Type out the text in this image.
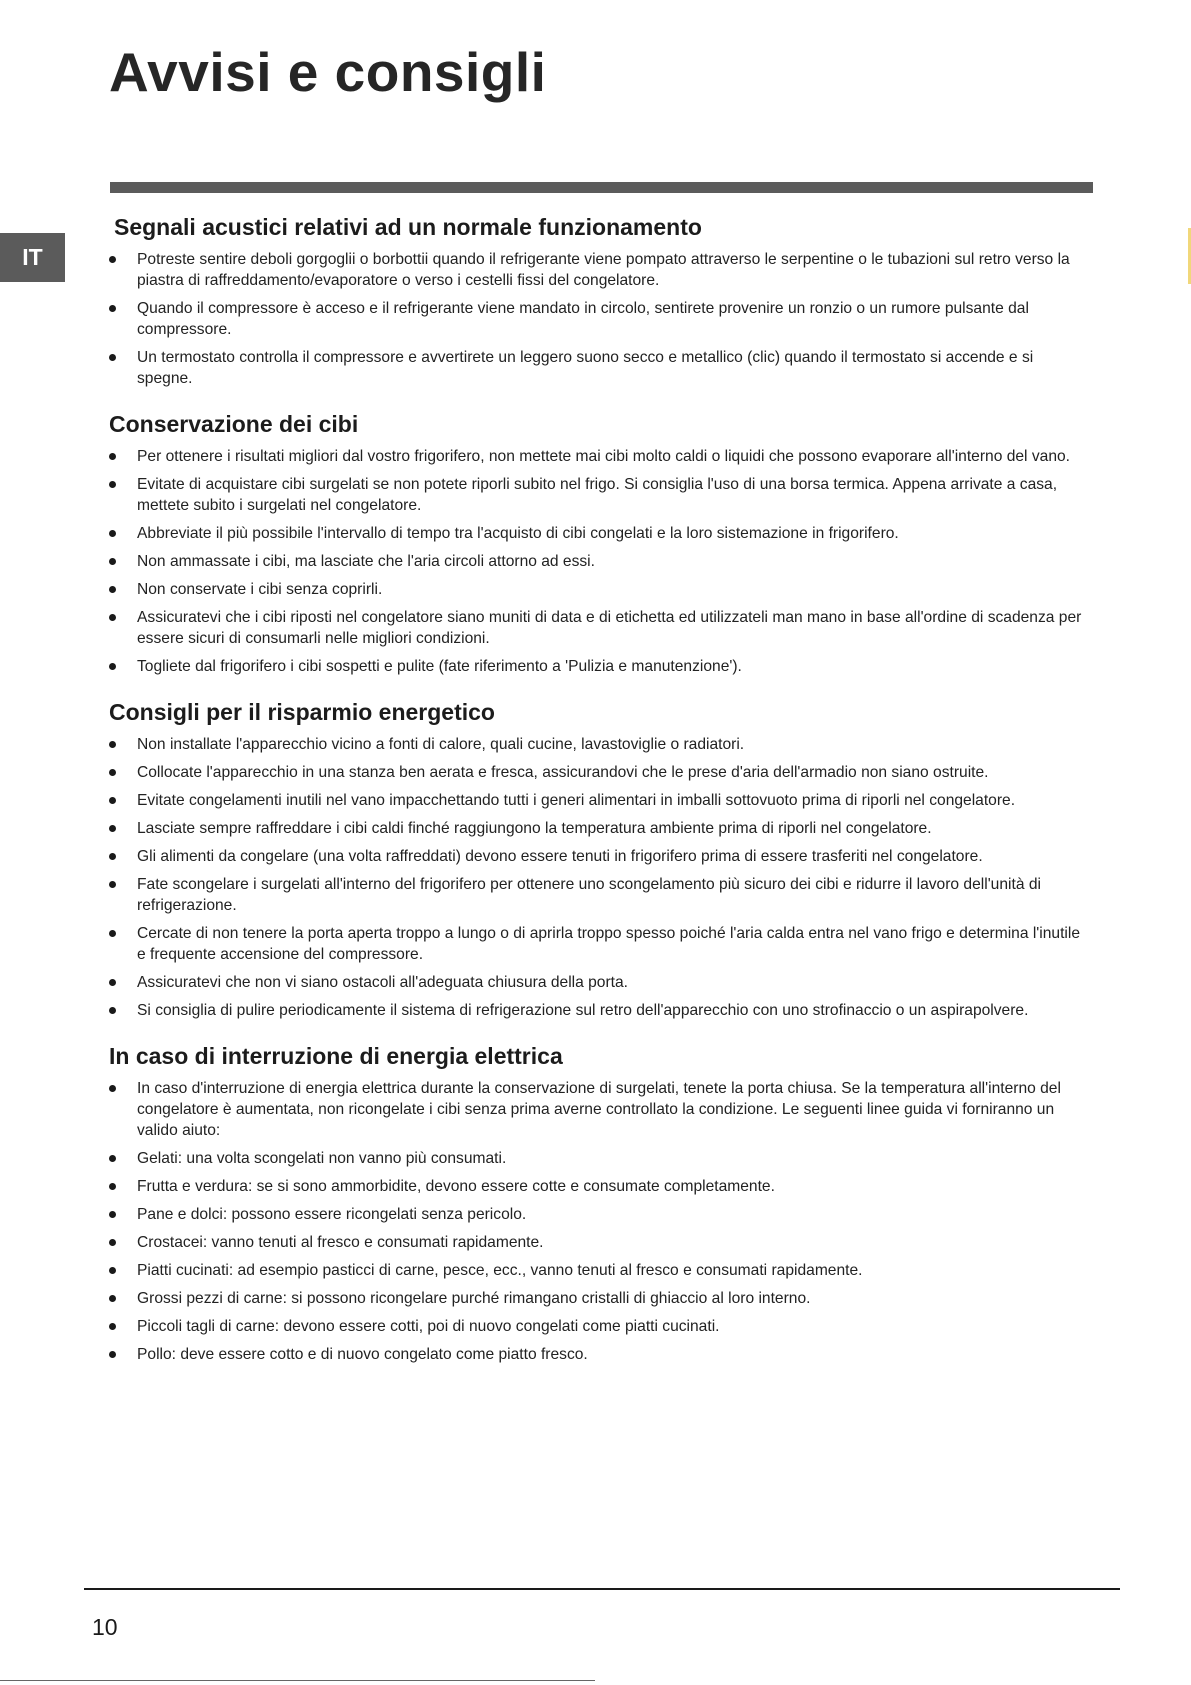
Avvisi e consigli
IT
Segnali acustici relativi ad un normale funzionamento
Potreste sentire deboli gorgoglii o borbottii quando il refrigerante viene pompato attraverso le serpentine o le tubazioni sul retro verso la piastra di raffreddamento/evaporatore o verso i cestelli fissi del congelatore.
Quando il compressore è acceso e il refrigerante viene mandato in circolo, sentirete provenire un ronzio o un rumore pulsante dal compressore.
Un termostato controlla il compressore e avvertirete un leggero suono secco e metallico (clic) quando il termostato si accende e si spegne.
Conservazione dei cibi
Per ottenere i risultati migliori dal vostro frigorifero, non mettete mai cibi molto caldi o liquidi che possono evaporare all'interno del vano.
Evitate di acquistare cibi surgelati se non potete riporli subito nel frigo. Si consiglia l'uso di una borsa termica. Appena arrivate a casa, mettete subito i surgelati nel congelatore.
Abbreviate il più possibile l'intervallo di tempo tra l'acquisto di cibi congelati e la loro sistemazione in frigorifero.
Non ammassate i cibi, ma lasciate che l'aria circoli attorno ad essi.
Non conservate i cibi senza coprirli.
Assicuratevi che i cibi riposti nel congelatore siano muniti di data e di etichetta ed utilizzateli man mano in base all'ordine di scadenza per essere sicuri di consumarli nelle migliori condizioni.
Togliete dal frigorifero i cibi sospetti e pulite (fate riferimento a 'Pulizia e manutenzione').
Consigli per il risparmio energetico
Non installate l'apparecchio vicino a fonti di calore, quali cucine, lavastoviglie o radiatori.
Collocate l'apparecchio in una stanza ben aerata e fresca, assicurandovi che le prese d'aria dell'armadio non siano ostruite.
Evitate congelamenti inutili nel vano impacchettando tutti i generi alimentari in imballi sottovuoto prima di riporli nel congelatore.
Lasciate sempre raffreddare i cibi caldi finché raggiungono la temperatura ambiente prima di riporli nel congelatore.
Gli alimenti da congelare (una volta raffreddati) devono essere tenuti in frigorifero prima di essere trasferiti nel congelatore.
Fate scongelare i surgelati all'interno del frigorifero per ottenere uno scongelamento più sicuro dei cibi e ridurre il lavoro dell'unità di refrigerazione.
Cercate di non tenere la porta aperta troppo a lungo o di aprirla troppo spesso poiché l'aria calda entra nel vano frigo e determina l'inutile e frequente accensione del compressore.
Assicuratevi che non vi siano ostacoli all'adeguata chiusura della porta.
Si consiglia di pulire periodicamente il sistema di refrigerazione sul retro dell'apparecchio con uno strofinaccio o un aspirapolvere.
In caso di interruzione di energia elettrica
In caso d'interruzione di energia elettrica durante la conservazione di surgelati, tenete la porta chiusa. Se la temperatura all'interno del congelatore è aumentata, non ricongelate i cibi senza prima averne controllato la condizione. Le seguenti linee guida vi forniranno un valido aiuto:
Gelati: una volta scongelati non vanno più consumati.
Frutta e verdura: se si sono ammorbidite, devono essere cotte e consumate completamente.
Pane e dolci: possono essere ricongelati senza pericolo.
Crostacei: vanno tenuti al fresco e consumati rapidamente.
Piatti cucinati: ad esempio pasticci di carne, pesce, ecc., vanno tenuti al fresco e consumati rapidamente.
Grossi pezzi di carne: si possono ricongelare purché rimangano cristalli di ghiaccio al loro interno.
Piccoli tagli di carne: devono essere cotti, poi di nuovo congelati come piatti cucinati.
Pollo: deve essere cotto e di nuovo congelato come piatto fresco.
10
